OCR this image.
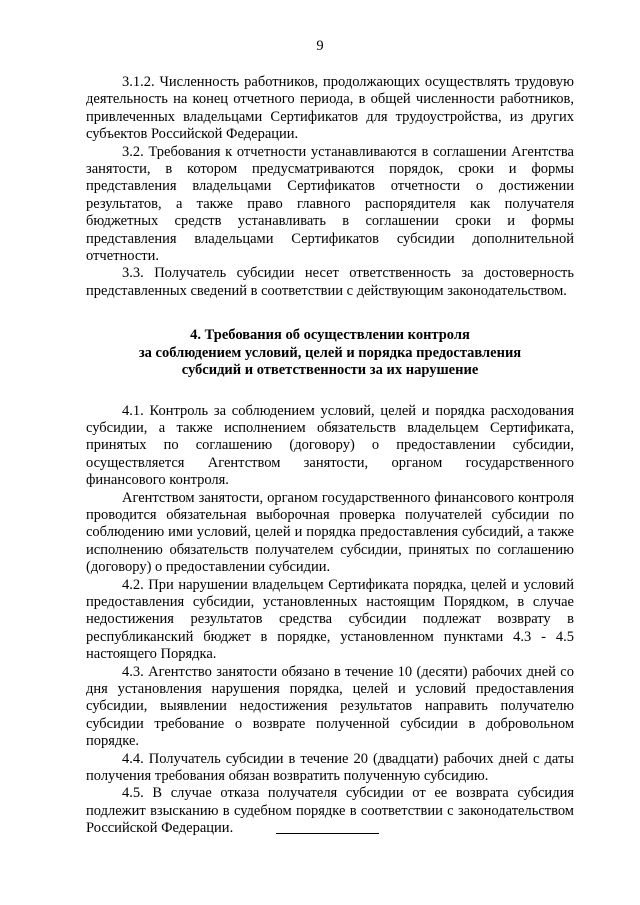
9

3.1.2. Численность работников, продолжающих осуществлять трудовую деятельность на конец отчетного периода, в общей численности работников, привлеченных владельцами Сертификатов для трудоустройства, из других субъектов Российской Федерации.

3.2. Требования к отчетности устанавливаются в соглашении Агентства занятости, в котором предусматриваются порядок, сроки и формы представления владельцами Сертификатов отчетности о достижении результатов, а также право главного распорядителя как получателя бюджетных средств устанавливать в соглашении сроки и формы представления владельцами Сертификатов субсидии дополнительной отчетности.

3.3. Получатель субсидии несет ответственность за достоверность представленных сведений в соответствии с действующим законодательством.

4. Требования об осуществлении контроля
за соблюдением условий, целей и порядка предоставления
субсидий и ответственности за их нарушение

4.1. Контроль за соблюдением условий, целей и порядка расходования субсидии, а также исполнением обязательств владельцем Сертификата, принятых по соглашению (договору) о предоставлении субсидии, осуществляется Агентством занятости, органом государственного финансового контроля.

Агентством занятости, органом государственного финансового контроля проводится обязательная выборочная проверка получателей субсидии по соблюдению ими условий, целей и порядка предоставления субсидий, а также исполнению обязательств получателем субсидии, принятых по соглашению (договору) о предоставлении субсидии.

4.2. При нарушении владельцем Сертификата порядка, целей и условий предоставления субсидии, установленных настоящим Порядком, в случае недостижения результатов средства субсидии подлежат возврату в республиканский бюджет в порядке, установленном пунктами 4.3 - 4.5 настоящего Порядка.

4.3. Агентство занятости обязано в течение 10 (десяти) рабочих дней со дня установления нарушения порядка, целей и условий предоставления субсидии, выявлении недостижения результатов направить получателю субсидии требование о возврате полученной субсидии в добровольном порядке.

4.4. Получатель субсидии в течение 20 (двадцати) рабочих дней с даты получения требования обязан возвратить полученную субсидию.

4.5. В случае отказа получателя субсидии от ее возврата субсидия подлежит взысканию в судебном порядке в соответствии с законодательством Российской Федерации.
